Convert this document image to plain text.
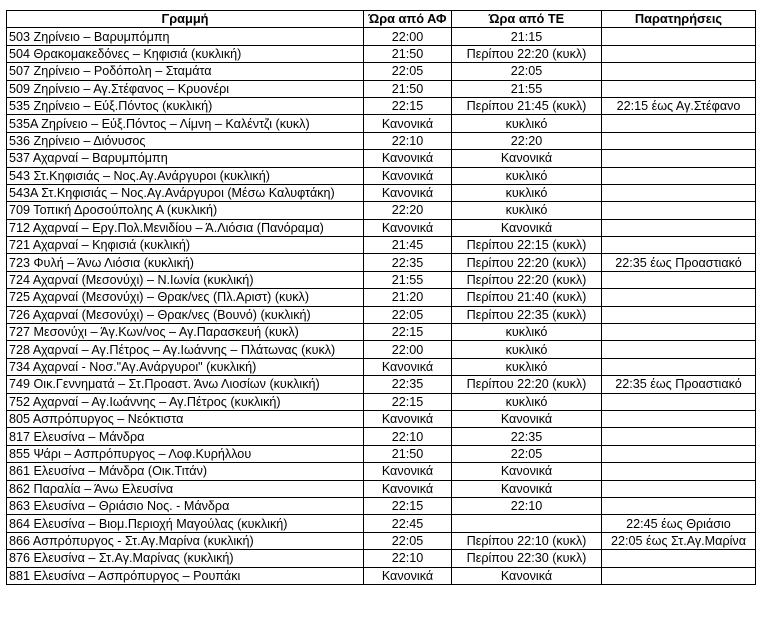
Γραμμή	Ώρα από ΑΦ	Ώρα από ΤΕ	Παρατηρήσεις
503 Ζηρίνειο – Βαρυμπόμπη	22:00	21:15	
504 Θρακομακεδόνες – Κηφισιά (κυκλική)	21:50	Περίπου 22:20 (κυκλ)	
507 Ζηρίνειο – Ροδόπολη – Σταμάτα	22:05	22:05	
509 Ζηρίνειο – Αγ.Στέφανος – Κρυονέρι	21:50	21:55	
535 Ζηρίνειο – Εύξ.Πόντος (κυκλική)	22:15	Περίπου 21:45 (κυκλ)	22:15 έως Αγ.Στέφανο
535Α Ζηρίνειο – Εύξ.Πόντος – Λίμνη – Καλέντζι (κυκλ)	Κανονικά	κυκλικό	
536 Ζηρίνειο – Διόνυσος	22:10	22:20	
537 Αχαρναί – Βαρυμπόμπη	Κανονικά	Κανονικά	
543 Στ.Κηφισιάς – Νος.Αγ.Ανάργυροι (κυκλική)	Κανονικά	κυκλικό	
543Α Στ.Κηφισιάς – Νος.Αγ.Ανάργυροι (Μέσω Καλυφτάκη)	Κανονικά	κυκλικό	
709 Τοπική Δροσούπολης Α (κυκλική)	22:20	κυκλικό	
712 Αχαρναί – Εργ.Πολ.Μενιδίου – Ά.Λιόσια (Πανόραμα)	Κανονικά	Κανονικά	
721 Αχαρναί – Κηφισιά (κυκλική)	21:45	Περίπου 22:15 (κυκλ)	
723 Φυλή – Άνω Λιόσια (κυκλική)	22:35	Περίπου 22:20 (κυκλ)	22:35 έως Προαστιακό
724 Αχαρναί (Μεσονύχι) – Ν.Ιωνία (κυκλική)	21:55	Περίπου 22:20 (κυκλ)	
725 Αχαρναί (Μεσονύχι) – Θρακ/νες (Πλ.Αριστ) (κυκλ)	21:20	Περίπου 21:40 (κυκλ)	
726 Αχαρναί (Μεσονύχι) – Θρακ/νες (Βουνό) (κυκλική)	22:05	Περίπου 22:35 (κυκλ)	
727 Μεσονύχι – Άγ.Κων/νος – Αγ.Παρασκευή (κυκλ)	22:15	κυκλικό	
728 Αχαρναί – Αγ.Πέτρος – Αγ.Ιωάννης – Πλάτωνας (κυκλ)	22:00	κυκλικό	
734 Αχαρναί - Νοσ."Αγ.Ανάργυροι" (κυκλική)	Κανονικά	κυκλικό	
749 Οικ.Γεννηματά – Στ.Προαστ. Άνω Λιοσίων (κυκλική)	22:35	Περίπου 22:20 (κυκλ)	22:35 έως Προαστιακό
752 Αχαρναί – Αγ.Ιωάννης – Αγ.Πέτρος (κυκλική)	22:15	κυκλικό	
805 Ασπρόπυργος – Νεόκτιστα	Κανονικά	Κανονικά	
817 Ελευσίνα – Μάνδρα	22:10	22:35	
855 Ψάρι – Ασπρόπυργος – Λοφ.Κυρήλλου	21:50	22:05	
861 Ελευσίνα – Μάνδρα (Οικ.Τιτάν)	Κανονικά	Κανονικά	
862 Παραλία – Άνω Ελευσίνα	Κανονικά	Κανονικά	
863 Ελευσίνα – Θριάσιο Νος. - Μάνδρα	22:15	22:10	
864 Ελευσίνα – Βιομ.Περιοχή Μαγούλας (κυκλική)	22:45		22:45 έως Θριάσιο
866 Ασπρόπυργος - Στ.Αγ.Μαρίνα (κυκλική)	22:05	Περίπου 22:10 (κυκλ)	22:05 έως Στ.Αγ.Μαρίνα
876 Ελευσίνα – Στ.Αγ.Μαρίνας (κυκλική)	22:10	Περίπου 22:30 (κυκλ)	
881 Ελευσίνα – Ασπρόπυργος – Ρουπάκι	Κανονικά	Κανονικά	
